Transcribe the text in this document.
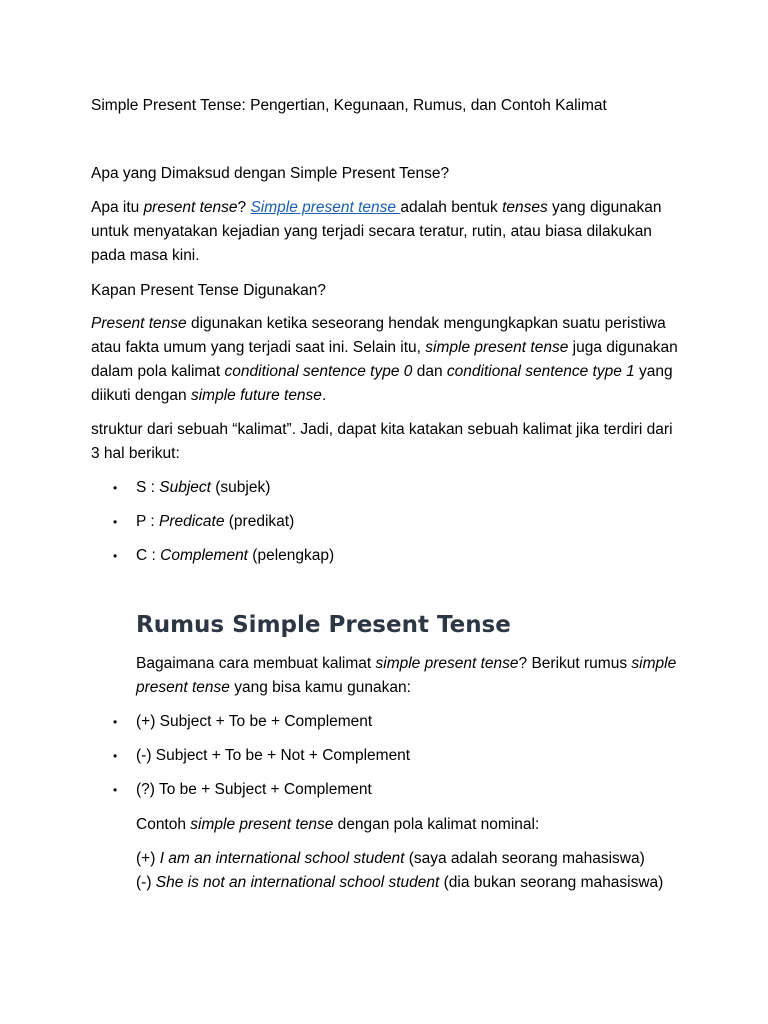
Simple Present Tense: Pengertian, Kegunaan, Rumus, dan Contoh Kalimat

Apa yang Dimaksud dengan Simple Present Tense?

Apa itu present tense? Simple present tense adalah bentuk tenses yang digunakan untuk menyatakan kejadian yang terjadi secara teratur, rutin, atau biasa dilakukan pada masa kini.

Kapan Present Tense Digunakan?

Present tense digunakan ketika seseorang hendak mengungkapkan suatu peristiwa atau fakta umum yang terjadi saat ini. Selain itu, simple present tense juga digunakan dalam pola kalimat conditional sentence type 0 dan conditional sentence type 1 yang diikuti dengan simple future tense.

struktur dari sebuah “kalimat”. Jadi, dapat kita katakan sebuah kalimat jika terdiri dari 3 hal berikut:

• S : Subject (subjek)
• P : Predicate (predikat)
• C : Complement (pelengkap)
Rumus Simple Present Tense

Bagaimana cara membuat kalimat simple present tense? Berikut rumus simple present tense yang bisa kamu gunakan:

• (+) Subject + To be + Complement
• (-) Subject + To be + Not + Complement
• (?) To be + Subject + Complement

Contoh simple present tense dengan pola kalimat nominal:

(+) I am an international school student (saya adalah seorang mahasiswa)
(-) She is not an international school student (dia bukan seorang mahasiswa)
